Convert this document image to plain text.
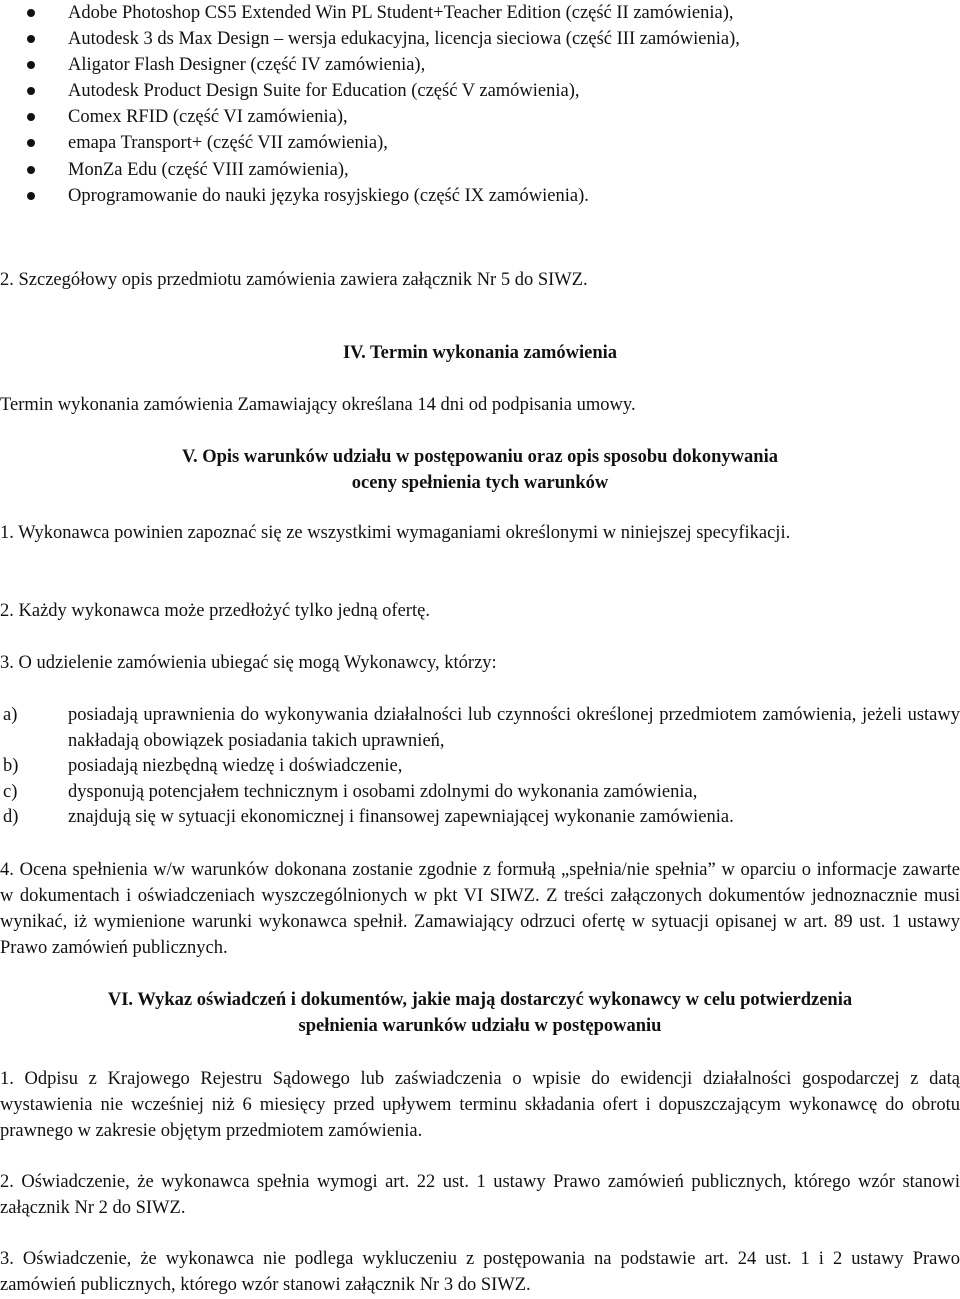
Adobe Photoshop CS5 Extended Win PL Student+Teacher Edition (część II zamówienia),
Autodesk 3 ds Max Design – wersja edukacyjna, licencja sieciowa (część III zamówienia),
Aligator Flash Designer (część IV zamówienia),
Autodesk Product Design Suite for Education (część V zamówienia),
Comex RFID (część VI zamówienia),
emapa Transport+ (część VII zamówienia),
MonZa Edu (część VIII zamówienia),
Oprogramowanie do nauki języka rosyjskiego (część IX zamówienia).

2. Szczegółowy opis przedmiotu zamówienia zawiera załącznik Nr 5 do SIWZ.

IV. Termin wykonania zamówienia

Termin wykonania zamówienia Zamawiający określana 14 dni od podpisania umowy.

V. Opis warunków udziału w postępowaniu oraz opis sposobu dokonywania
oceny spełnienia tych warunków

1. Wykonawca powinien zapoznać się ze wszystkimi wymaganiami określonymi w niniejszej specyfikacji.

2. Każdy wykonawca może przedłożyć tylko jedną ofertę.

3. O udzielenie zamówienia ubiegać się mogą Wykonawcy, którzy:

a)	posiadają uprawnienia do wykonywania działalności lub czynności określonej przedmiotem zamówienia, jeżeli ustawy nakładają obowiązek posiadania takich uprawnień,
b)	posiadają niezbędną wiedzę i doświadczenie,
c)	dysponują potencjałem technicznym i osobami zdolnymi do wykonania zamówienia,
d)	znajdują się w sytuacji ekonomicznej i finansowej zapewniającej wykonanie zamówienia.

4. Ocena spełnienia w/w warunków dokonana zostanie zgodnie z formułą „spełnia/nie spełnia” w oparciu o informacje zawarte w dokumentach i oświadczeniach wyszczególnionych w pkt VI SIWZ. Z treści załączonych dokumentów jednoznacznie musi wynikać, iż wymienione warunki wykonawca spełnił. Zamawiający odrzuci ofertę w sytuacji opisanej w art. 89 ust. 1 ustawy Prawo zamówień publicznych.

VI. Wykaz oświadczeń i dokumentów, jakie mają dostarczyć wykonawcy w celu potwierdzenia
spełnienia warunków udziału w postępowaniu

1. Odpisu z Krajowego Rejestru Sądowego lub zaświadczenia o wpisie do ewidencji działalności gospodarczej z datą wystawienia nie wcześniej niż 6 miesięcy przed upływem terminu składania ofert i dopuszczającym wykonawcę do obrotu prawnego w zakresie objętym przedmiotem zamówienia.

2. Oświadczenie, że wykonawca spełnia wymogi art. 22 ust. 1 ustawy Prawo zamówień publicznych, którego wzór stanowi załącznik Nr 2 do SIWZ.

3. Oświadczenie, że wykonawca nie podlega wykluczeniu z postępowania na podstawie art. 24 ust. 1 i 2 ustawy Prawo zamówień publicznych, którego wzór stanowi załącznik Nr 3 do SIWZ.
